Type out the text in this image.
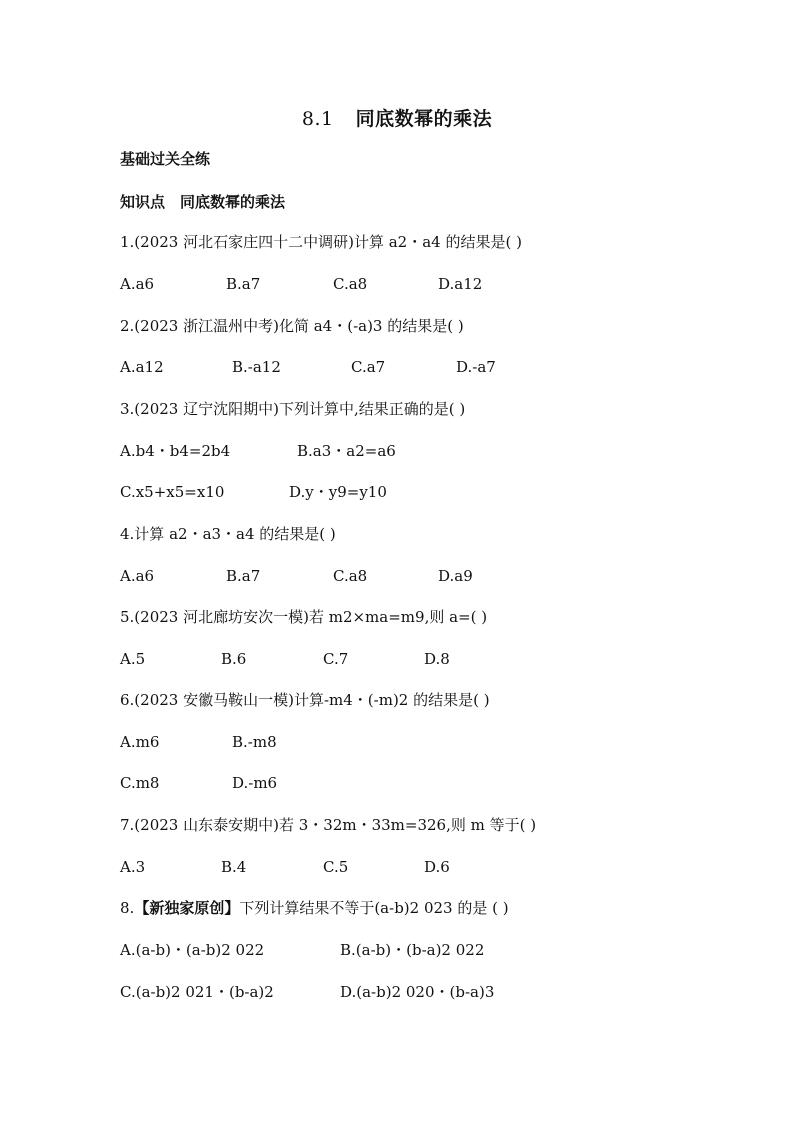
8.1 同底数幂的乘法
基础过关全练
知识点　同底数幂的乘法
1.(2023 河北石家庄四十二中调研)计算 a2・a4 的结果是( )
A.a6	B.a7	C.a8	D.a12
2.(2023 浙江温州中考)化简 a4・(-a)3 的结果是( )
A.a12	B.-a12	C.a7	D.-a7
3.(2023 辽宁沈阳期中)下列计算中,结果正确的是( )
A.b4・b4=2b4	B.a3・a2=a6
C.x5+x5=x10	D.y・y9=y10
4.计算 a2・a3・a4 的结果是( )
A.a6	B.a7	C.a8	D.a9
5.(2023 河北廊坊安次一模)若 m2×ma=m9,则 a=( )
A.5	B.6	C.7	D.8
6.(2023 安徽马鞍山一模)计算-m4・(-m)2 的结果是( )
A.m6	B.-m8
C.m8	D.-m6
7.(2023 山东泰安期中)若 3・32m・33m=326,则 m 等于( )
A.3	B.4	C.5	D.6
8.【新独家原创】下列计算结果不等于(a-b)2 023 的是 ( )
A.(a-b)・(a-b)2 022	B.(a-b)・(b-a)2 022
C.(a-b)2 021・(b-a)2	D.(a-b)2 020・(b-a)3
